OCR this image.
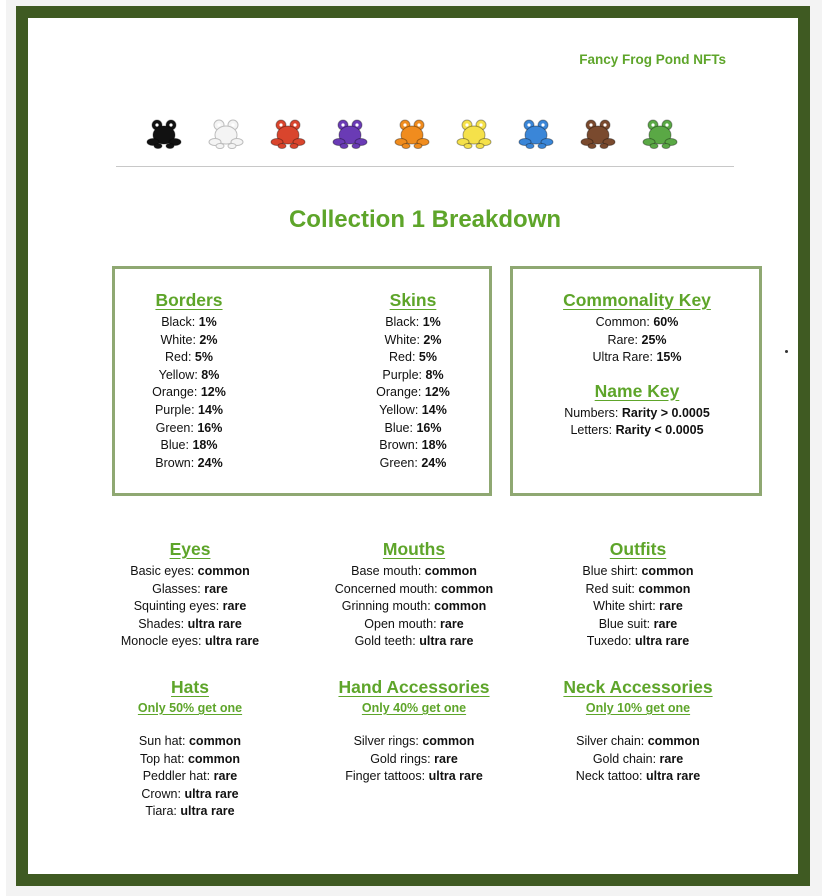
Fancy Frog Pond NFTs
Collection 1 Breakdown
Borders
Black: 1%
White: 2%
Red: 5%
Yellow: 8%
Orange: 12%
Purple: 14%
Green: 16%
Blue: 18%
Brown: 24%
Skins
Black: 1%
White: 2%
Red: 5%
Purple: 8%
Orange: 12%
Yellow: 14%
Blue: 16%
Brown: 18%
Green: 24%
Commonality Key
Common: 60%
Rare: 25%
Ultra Rare: 15%
Name Key
Numbers: Rarity > 0.0005
Letters: Rarity < 0.0005
Eyes
Basic eyes: common
Glasses: rare
Squinting eyes: rare
Shades: ultra rare
Monocle eyes: ultra rare
Mouths
Base mouth: common
Concerned mouth: common
Grinning mouth: common
Open mouth: rare
Gold teeth: ultra rare
Outfits
Blue shirt: common
Red suit: common
White shirt: rare
Blue suit: rare
Tuxedo: ultra rare
Hats
Only 50% get one
Sun hat: common
Top hat: common
Peddler hat: rare
Crown: ultra rare
Tiara: ultra rare
Hand Accessories
Only 40% get one
Silver rings: common
Gold rings: rare
Finger tattoos: ultra rare
Neck Accessories
Only 10% get one
Silver chain: common
Gold chain: rare
Neck tattoo: ultra rare
